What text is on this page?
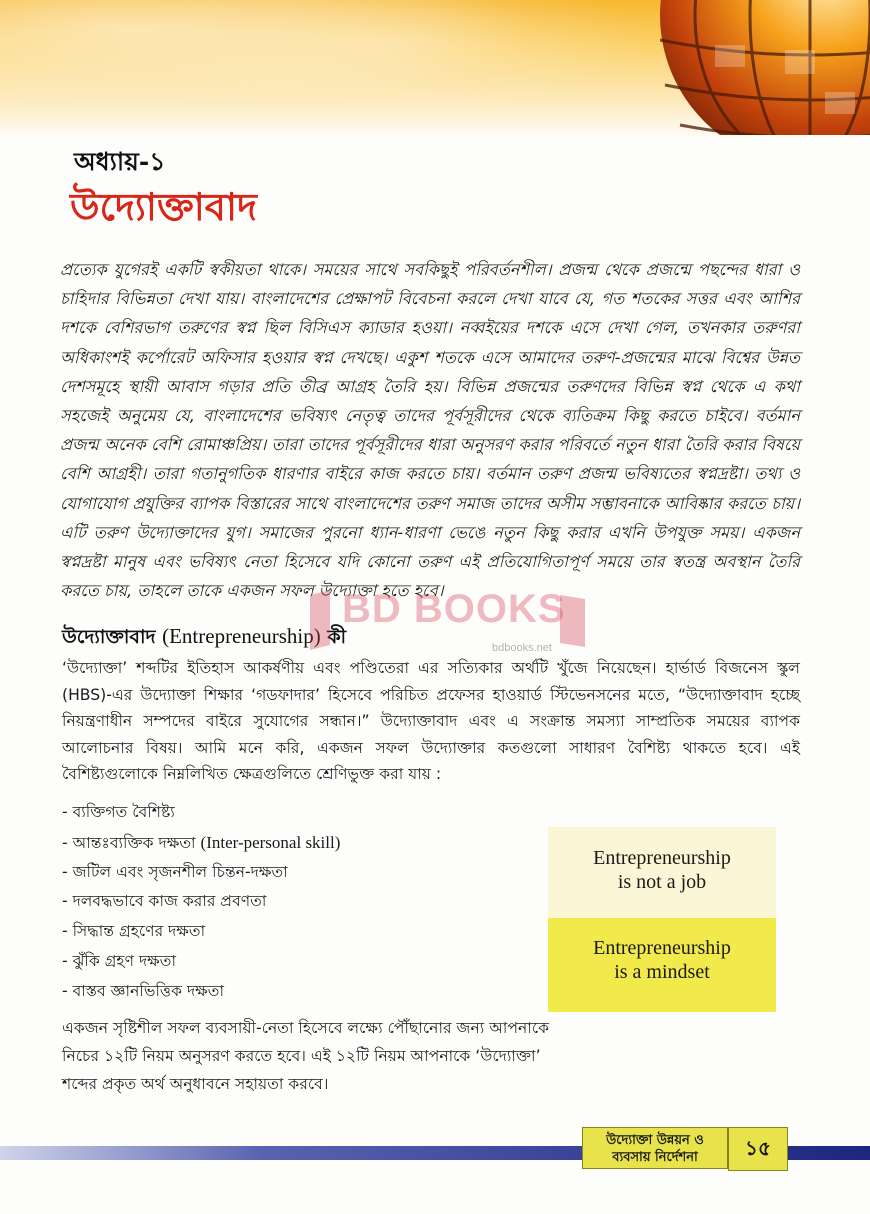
অধ্যায়-১
উদ্যোক্তাবাদ

প্রত্যেক যুগেরই একটি স্বকীয়তা থাকে। সময়ের সাথে সবকিছুই পরিবর্তনশীল। প্রজন্ম থেকে প্রজন্মে পছন্দের ধারা ও চাহিদার বিভিন্নতা দেখা যায়। বাংলাদেশের প্রেক্ষাপট বিবেচনা করলে দেখা যাবে যে, গত শতকের সত্তর এবং আশির দশকে বেশিরভাগ তরুণের স্বপ্ন ছিল বিসিএস ক্যাডার হওয়া। নব্বইয়ের দশকে এসে দেখা গেল, তখনকার তরুণরা অধিকাংশই কর্পোরেট অফিসার হওয়ার স্বপ্ন দেখছে। একুশ শতকে এসে আমাদের তরুণ-প্রজন্মের মাঝে বিশ্বের উন্নত দেশসমূহে স্থায়ী আবাস গড়ার প্রতি তীব্র আগ্রহ তৈরি হয়। বিভিন্ন প্রজন্মের তরুণদের বিভিন্ন স্বপ্ন থেকে এ কথা সহজেই অনুমেয় যে, বাংলাদেশের ভবিষ্যৎ নেতৃত্ব তাদের পূর্বসূরীদের থেকে ব্যতিক্রম কিছু করতে চাইবে। বর্তমান প্রজন্ম অনেক বেশি রোমাঞ্চপ্রিয়। তারা তাদের পূর্বসূরীদের ধারা অনুসরণ করার পরিবর্তে নতুন ধারা তৈরি করার বিষয়ে বেশি আগ্রহী। তারা গতানুগতিক ধারণার বাইরে কাজ করতে চায়। বর্তমান তরুণ প্রজন্ম ভবিষ্যতের স্বপ্নদ্রষ্টা। তথ্য ও যোগাযোগ প্রযুক্তির ব্যাপক বিস্তারের সাথে বাংলাদেশের তরুণ সমাজ তাদের অসীম সম্ভাবনাকে আবিষ্কার করতে চায়। এটি তরুণ উদ্যোক্তাদের যুগ। সমাজের পুরনো ধ্যান-ধারণা ভেঙে নতুন কিছু করার এখনি উপযুক্ত সময়। একজন স্বপ্নদ্রষ্টা মানুষ এবং ভবিষ্যৎ নেতা হিসেবে যদি কোনো তরুণ এই প্রতিযোগিতাপূর্ণ সময়ে তার স্বতন্ত্র অবস্থান তৈরি করতে চায়, তাহলে তাকে একজন সফল উদ্যোক্তা হতে হবে।

উদ্যোক্তাবাদ (Entrepreneurship) কী

‘উদ্যোক্তা’ শব্দটির ইতিহাস আকর্ষণীয় এবং পণ্ডিতেরা এর সত্যিকার অর্থটি খুঁজে নিয়েছেন। হার্ভার্ড বিজনেস স্কুল (HBS)-এর উদ্যোক্তা শিক্ষার ‘গডফাদার’ হিসেবে পরিচিত প্রফেসর হাওয়ার্ড স্টিভেনসনের মতে, “উদ্যোক্তাবাদ হচ্ছে নিয়ন্ত্রণাধীন সম্পদের বাইরে সুযোগের সন্ধান।” উদ্যোক্তাবাদ এবং এ সংক্রান্ত সমস্যা সাম্প্রতিক সময়ের ব্যাপক আলোচনার বিষয়। আমি মনে করি, একজন সফল উদ্যোক্তার কতগুলো সাধারণ বৈশিষ্ট্য থাকতে হবে। এই বৈশিষ্ট্যগুলোকে নিম্নলিখিত ক্ষেত্রগুলিতে শ্রেণিভুক্ত করা যায় :

- ব্যক্তিগত বৈশিষ্ট্য
- আন্তঃব্যক্তিক দক্ষতা (Inter-personal skill)
- জটিল এবং সৃজনশীল চিন্তন-দক্ষতা
- দলবদ্ধভাবে কাজ করার প্রবণতা
- সিদ্ধান্ত গ্রহণের দক্ষতা
- ঝুঁকি গ্রহণ দক্ষতা
- বাস্তব জ্ঞানভিত্তিক দক্ষতা
Entrepreneurship
is not a job
Entrepreneurship
is a mindset

একজন সৃষ্টিশীল সফল ব্যবসায়ী-নেতা হিসেবে লক্ষ্যে পৌঁছানোর জন্য আপনাকে নিচের ১২টি নিয়ম অনুসরণ করতে হবে। এই ১২টি নিয়ম আপনাকে ‘উদ্যোক্তা’ শব্দের প্রকৃত অর্থ অনুধাবনে সহায়তা করবে।

BD BOOKS
bdbooks.net
উদ্যোক্তা উন্নয়ন ও
ব্যবসায় নির্দেশনা	১৫
